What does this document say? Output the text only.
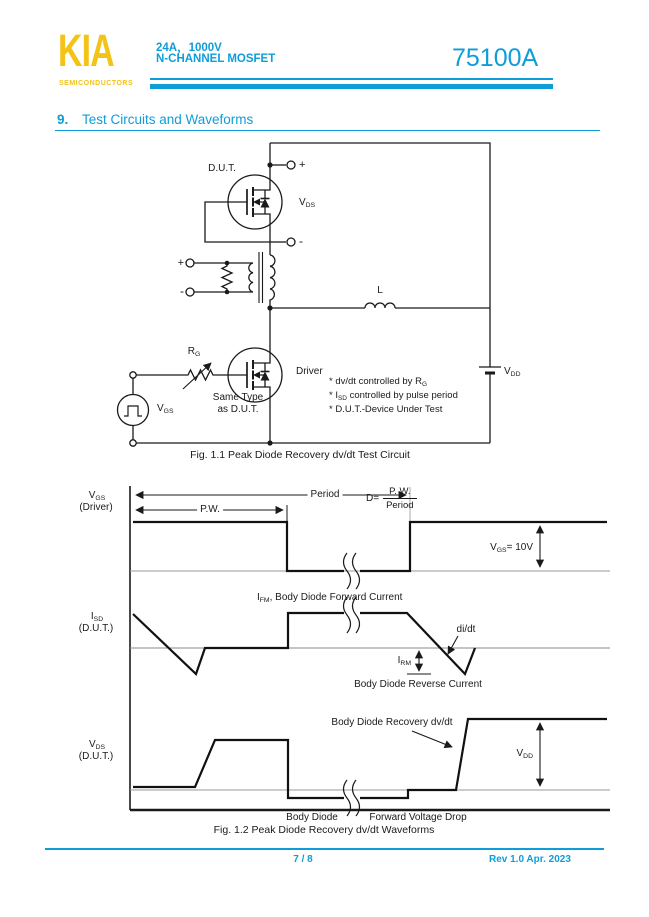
KIA
SEMICONDUCTORS
24A，1000V
N-CHANNEL MOSFET	75100A
9. Test Circuits and Waveforms
D.U.T.	+
$V_{DS}$
-
+
-	L
$R_G$
Driver
Same Type
as D.U.T.
$V_{GS}$
$V_{DD}$
* dv/dt controlled by $R_G$
* $I_{SD}$ controlled by pulse period
* D.U.T.-Device Under Test
Fig. 1.1 Peak Diode Recovery dv/dt Test Circuit
$V_{GS}$
(Driver)	P.W.
Period	$D= \frac{P. W.}{\text{Period}}$
$V_{GS}= 10V$
$I_{SD}$
(D.U.T.)
$I_{FM}$, Body Diode Forward Current
di/dt
$I_{RM}$
Body Diode Reverse Current
$V_{DS}$
(D.U.T.)
Body Diode Recovery dv/dt
$V_{DD}$
Body Diode	Forward Voltage Drop
Fig. 1.2 Peak Diode Recovery dv/dt Waveforms
7 / 8	Rev 1.0 Apr. 2023
